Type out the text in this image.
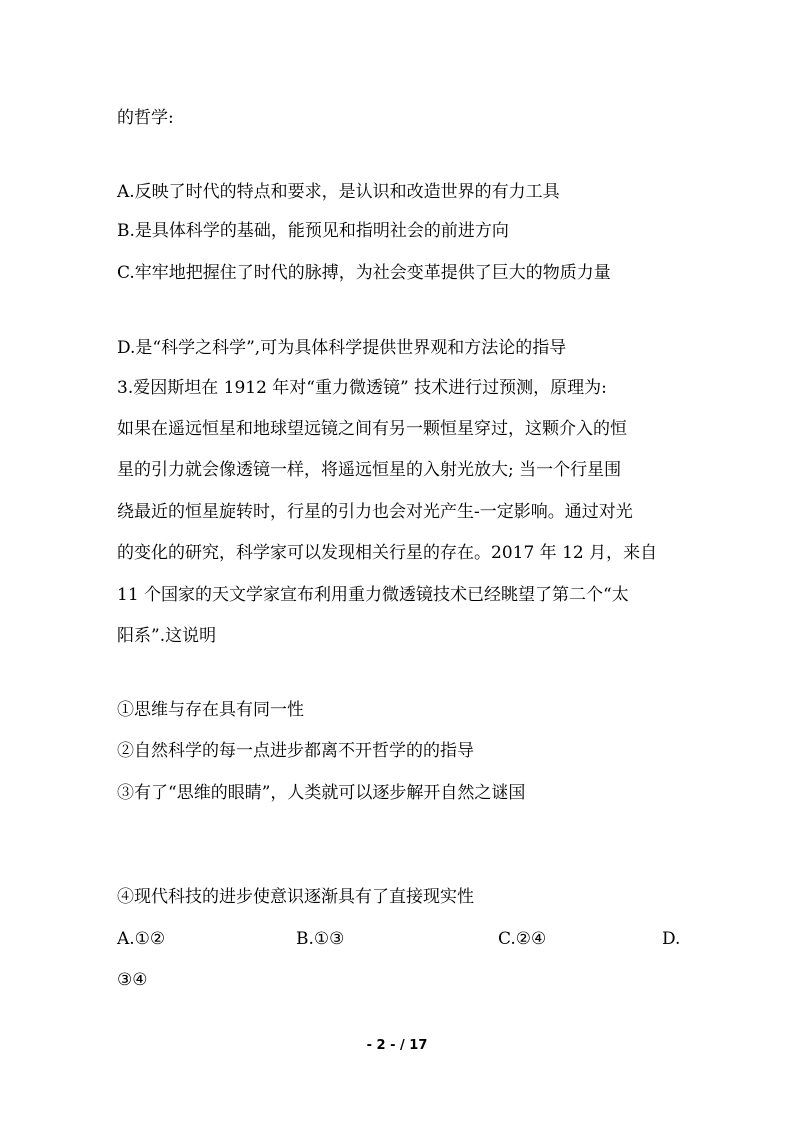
的哲学:

A.反映了时代的特点和要求，是认识和改造世界的有力工具

B.是具体科学的基础，能预见和指明社会的前进方向

C.牢牢地把握住了时代的脉搏，为社会变革提供了巨大的物质力量

D.是“科学之科学”,可为具体科学提供世界观和方法论的指导

3.爱因斯坦在 1912 年对“重力微透镜” 技术进行过预测，原理为:

如果在遥远恒星和地球望远镜之间有另一颗恒星穿过，这颗介入的恒

星的引力就会像透镜一样，将遥远恒星的入射光放大; 当一个行星围

绕最近的恒星旋转时，行星的引力也会对光产生-一定影响。通过对光

的变化的研究，科学家可以发现相关行星的存在。2017 年 12 月，来自

11 个国家的天文学家宣布利用重力微透镜技术已经眺望了第二个“太

阳系”.这说明

①思维与存在具有同一性

②自然科学的每一点进步都离不开哲学的的指导

③有了“思维的眼睛”，人类就可以逐步解开自然之谜国

④现代科技的进步使意识逐渐具有了直接现实性

A.①②	B.①③	C.②④	D.
③④
- 2 - / 17
